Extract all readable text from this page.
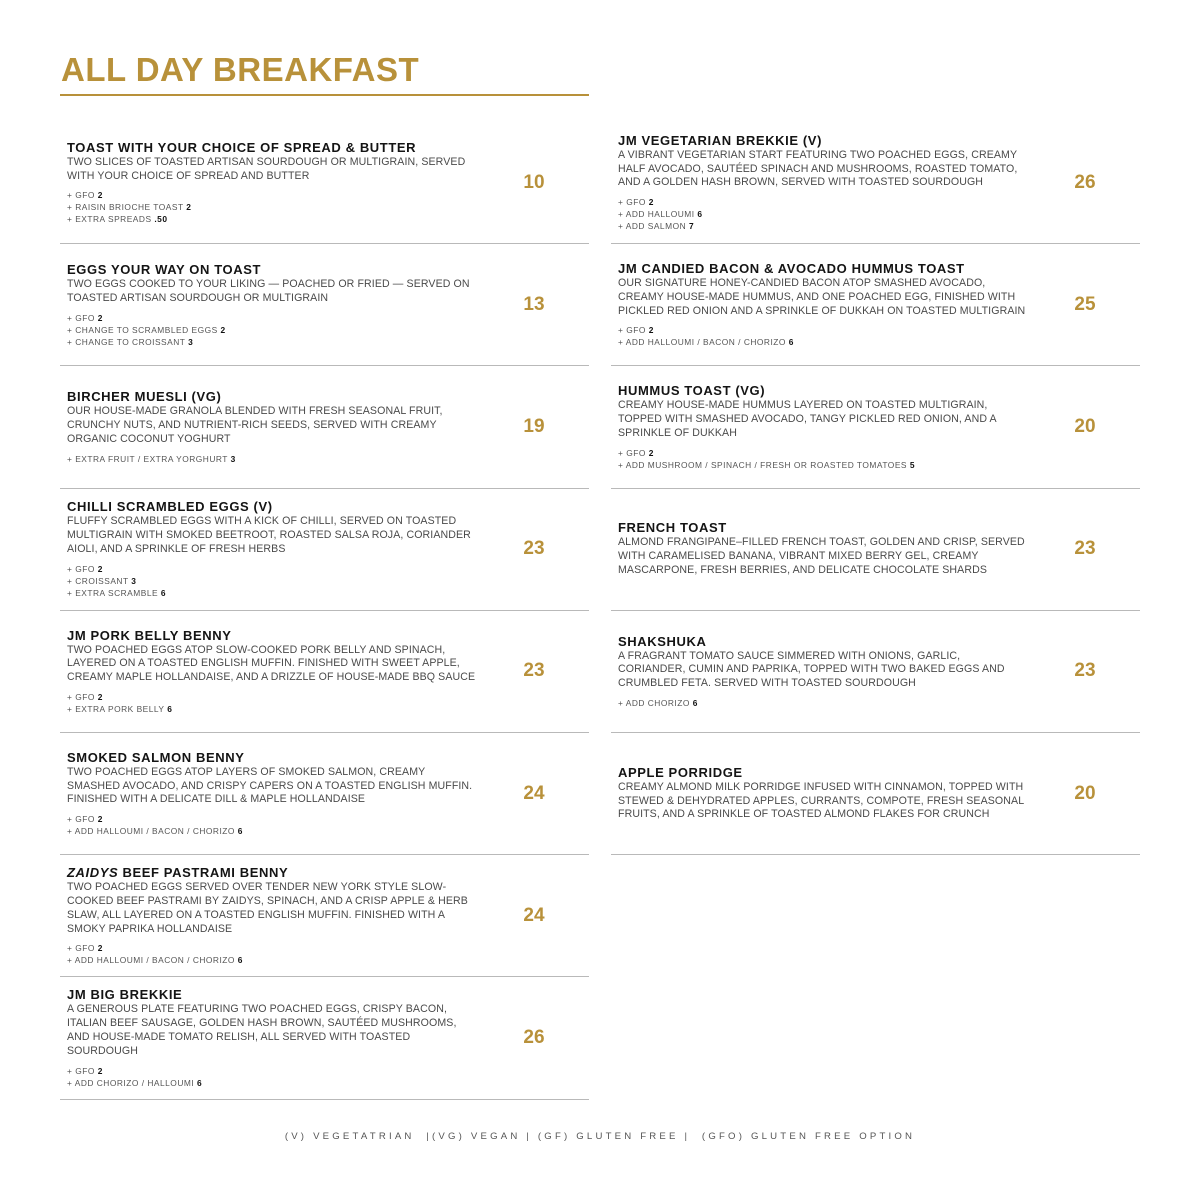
ALL DAY BREAKFAST
TOAST WITH YOUR CHOICE OF SPREAD & BUTTER
TWO SLICES OF TOASTED ARTISAN SOURDOUGH OR MULTIGRAIN, SERVED WITH YOUR CHOICE OF SPREAD AND BUTTER
+ GFO 2
+ RAISIN BRIOCHE TOAST 2
+ EXTRA SPREADS .50
10
EGGS YOUR WAY ON TOAST
TWO EGGS COOKED TO YOUR LIKING — POACHED OR FRIED — SERVED ON TOASTED ARTISAN SOURDOUGH OR MULTIGRAIN
+ GFO 2
+ CHANGE TO SCRAMBLED EGGS 2
+ CHANGE TO CROISSANT 3
13
BIRCHER MUESLI (VG)
OUR HOUSE-MADE GRANOLA BLENDED WITH FRESH SEASONAL FRUIT, CRUNCHY NUTS, AND NUTRIENT-RICH SEEDS, SERVED WITH CREAMY ORGANIC COCONUT YOGHURT
+ EXTRA FRUIT / EXTRA YORGHURT 3
19
CHILLI SCRAMBLED EGGS (V)
FLUFFY SCRAMBLED EGGS WITH A KICK OF CHILLI, SERVED ON TOASTED MULTIGRAIN WITH SMOKED BEETROOT, ROASTED SALSA ROJA, CORIANDER AIOLI, AND A SPRINKLE OF FRESH HERBS
+ GFO 2
+ CROISSANT 3
+ EXTRA SCRAMBLE 6
23
JM PORK BELLY BENNY
TWO POACHED EGGS ATOP SLOW-COOKED PORK BELLY AND SPINACH, LAYERED ON A TOASTED ENGLISH MUFFIN. FINISHED WITH SWEET APPLE, CREAMY MAPLE HOLLANDAISE, AND A DRIZZLE OF HOUSE-MADE BBQ SAUCE
+ GFO 2
+ EXTRA PORK BELLY 6
23
SMOKED SALMON BENNY
TWO POACHED EGGS ATOP LAYERS OF SMOKED SALMON, CREAMY SMASHED AVOCADO, AND CRISPY CAPERS ON A TOASTED ENGLISH MUFFIN. FINISHED WITH A DELICATE DILL & MAPLE HOLLANDAISE
+ GFO 2
+ ADD HALLOUMI / BACON / CHORIZO 6
24
ZAIDYS BEEF PASTRAMI BENNY
TWO POACHED EGGS SERVED OVER TENDER NEW YORK STYLE SLOW-COOKED BEEF PASTRAMI BY ZAIDYS, SPINACH, AND A CRISP APPLE & HERB SLAW, ALL LAYERED ON A TOASTED ENGLISH MUFFIN. FINISHED WITH A SMOKY PAPRIKA HOLLANDAISE
+ GFO 2
+ ADD HALLOUMI / BACON / CHORIZO 6
24
JM BIG BREKKIE
A GENEROUS PLATE FEATURING TWO POACHED EGGS, CRISPY BACON, ITALIAN BEEF SAUSAGE, GOLDEN HASH BROWN, SAUTÉED MUSHROOMS, AND HOUSE-MADE TOMATO RELISH, ALL SERVED WITH TOASTED SOURDOUGH
+ GFO 2
+ ADD CHORIZO / HALLOUMI 6
26
JM VEGETARIAN BREKKIE (V)
A VIBRANT VEGETARIAN START FEATURING TWO POACHED EGGS, CREAMY HALF AVOCADO, SAUTÉED SPINACH AND MUSHROOMS, ROASTED TOMATO, AND A GOLDEN HASH BROWN, SERVED WITH TOASTED SOURDOUGH
+ GFO 2
+ ADD HALLOUMI 6
+ ADD SALMON 7
26
JM CANDIED BACON & AVOCADO HUMMUS TOAST
OUR SIGNATURE HONEY-CANDIED BACON ATOP SMASHED AVOCADO, CREAMY HOUSE-MADE HUMMUS, AND ONE POACHED EGG, FINISHED WITH PICKLED RED ONION AND A SPRINKLE OF DUKKAH ON TOASTED MULTIGRAIN
+ GFO 2
+ ADD HALLOUMI / BACON / CHORIZO 6
25
HUMMUS TOAST (VG)
CREAMY HOUSE-MADE HUMMUS LAYERED ON TOASTED MULTIGRAIN, TOPPED WITH SMASHED AVOCADO, TANGY PICKLED RED ONION, AND A SPRINKLE OF DUKKAH
+ GFO 2
+ ADD MUSHROOM / SPINACH / FRESH OR ROASTED TOMATOES 5
20
FRENCH TOAST
ALMOND FRANGIPANE–FILLED FRENCH TOAST, GOLDEN AND CRISP, SERVED WITH CARAMELISED BANANA, VIBRANT MIXED BERRY GEL, CREAMY MASCARPONE, FRESH BERRIES, AND DELICATE CHOCOLATE SHARDS
23
SHAKSHUKA
A FRAGRANT TOMATO SAUCE SIMMERED WITH ONIONS, GARLIC, CORIANDER, CUMIN AND PAPRIKA, TOPPED WITH TWO BAKED EGGS AND CRUMBLED FETA. SERVED WITH TOASTED SOURDOUGH
+ ADD CHORIZO 6
23
APPLE PORRIDGE
CREAMY ALMOND MILK PORRIDGE INFUSED WITH CINNAMON, TOPPED WITH STEWED & DEHYDRATED APPLES, CURRANTS, COMPOTE, FRESH SEASONAL FRUITS, AND A SPRINKLE OF TOASTED ALMOND FLAKES FOR CRUNCH
20
(V) VEGETATRIAN  |(VG) VEGAN | (GF) GLUTEN FREE |  (GFO) GLUTEN FREE OPTION
